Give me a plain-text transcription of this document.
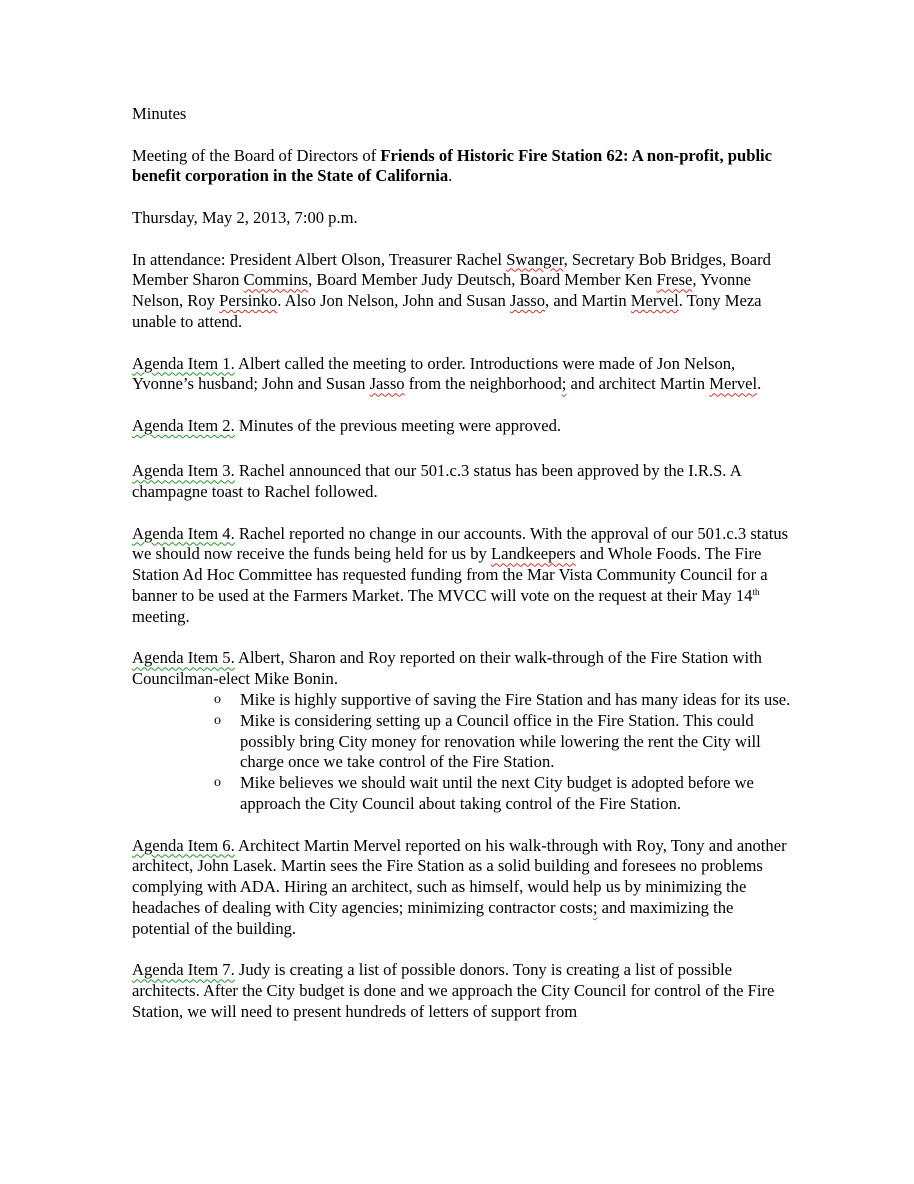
Minutes

Meeting of the Board of Directors of Friends of Historic Fire Station 62: A non-profit, public benefit corporation in the State of California.

Thursday, May 2, 2013, 7:00 p.m.

In attendance: President Albert Olson, Treasurer Rachel Swanger, Secretary Bob Bridges, Board Member Sharon Commins, Board Member Judy Deutsch, Board Member Ken Frese, Yvonne Nelson, Roy Persinko. Also Jon Nelson, John and Susan Jasso, and Martin Mervel. Tony Meza unable to attend.

Agenda Item 1. Albert called the meeting to order. Introductions were made of Jon Nelson, Yvonne’s husband; John and Susan Jasso from the neighborhood; and architect Martin Mervel.

Agenda Item 2. Minutes of the previous meeting were approved.

Agenda Item 3. Rachel announced that our 501.c.3 status has been approved by the I.R.S. A champagne toast to Rachel followed.

Agenda Item 4. Rachel reported no change in our accounts. With the approval of our 501.c.3 status we should now receive the funds being held for us by Landkeepers and Whole Foods. The Fire Station Ad Hoc Committee has requested funding from the Mar Vista Community Council for a banner to be used at the Farmers Market. The MVCC will vote on the request at their May 14th meeting.

Agenda Item 5. Albert, Sharon and Roy reported on their walk-through of the Fire Station with Councilman-elect Mike Bonin.

o Mike is highly supportive of saving the Fire Station and has many ideas for its use.
o Mike is considering setting up a Council office in the Fire Station. This could possibly bring City money for renovation while lowering the rent the City will charge once we take control of the Fire Station.
o Mike believes we should wait until the next City budget is adopted before we approach the City Council about taking control of the Fire Station.

Agenda Item 6. Architect Martin Mervel reported on his walk-through with Roy, Tony and another architect, John Lasek. Martin sees the Fire Station as a solid building and foresees no problems complying with ADA. Hiring an architect, such as himself, would help us by minimizing the headaches of dealing with City agencies; minimizing contractor costs; and maximizing the potential of the building.

Agenda Item 7. Judy is creating a list of possible donors. Tony is creating a list of possible architects. After the City budget is done and we approach the City Council for control of the Fire Station, we will need to present hundreds of letters of support from
